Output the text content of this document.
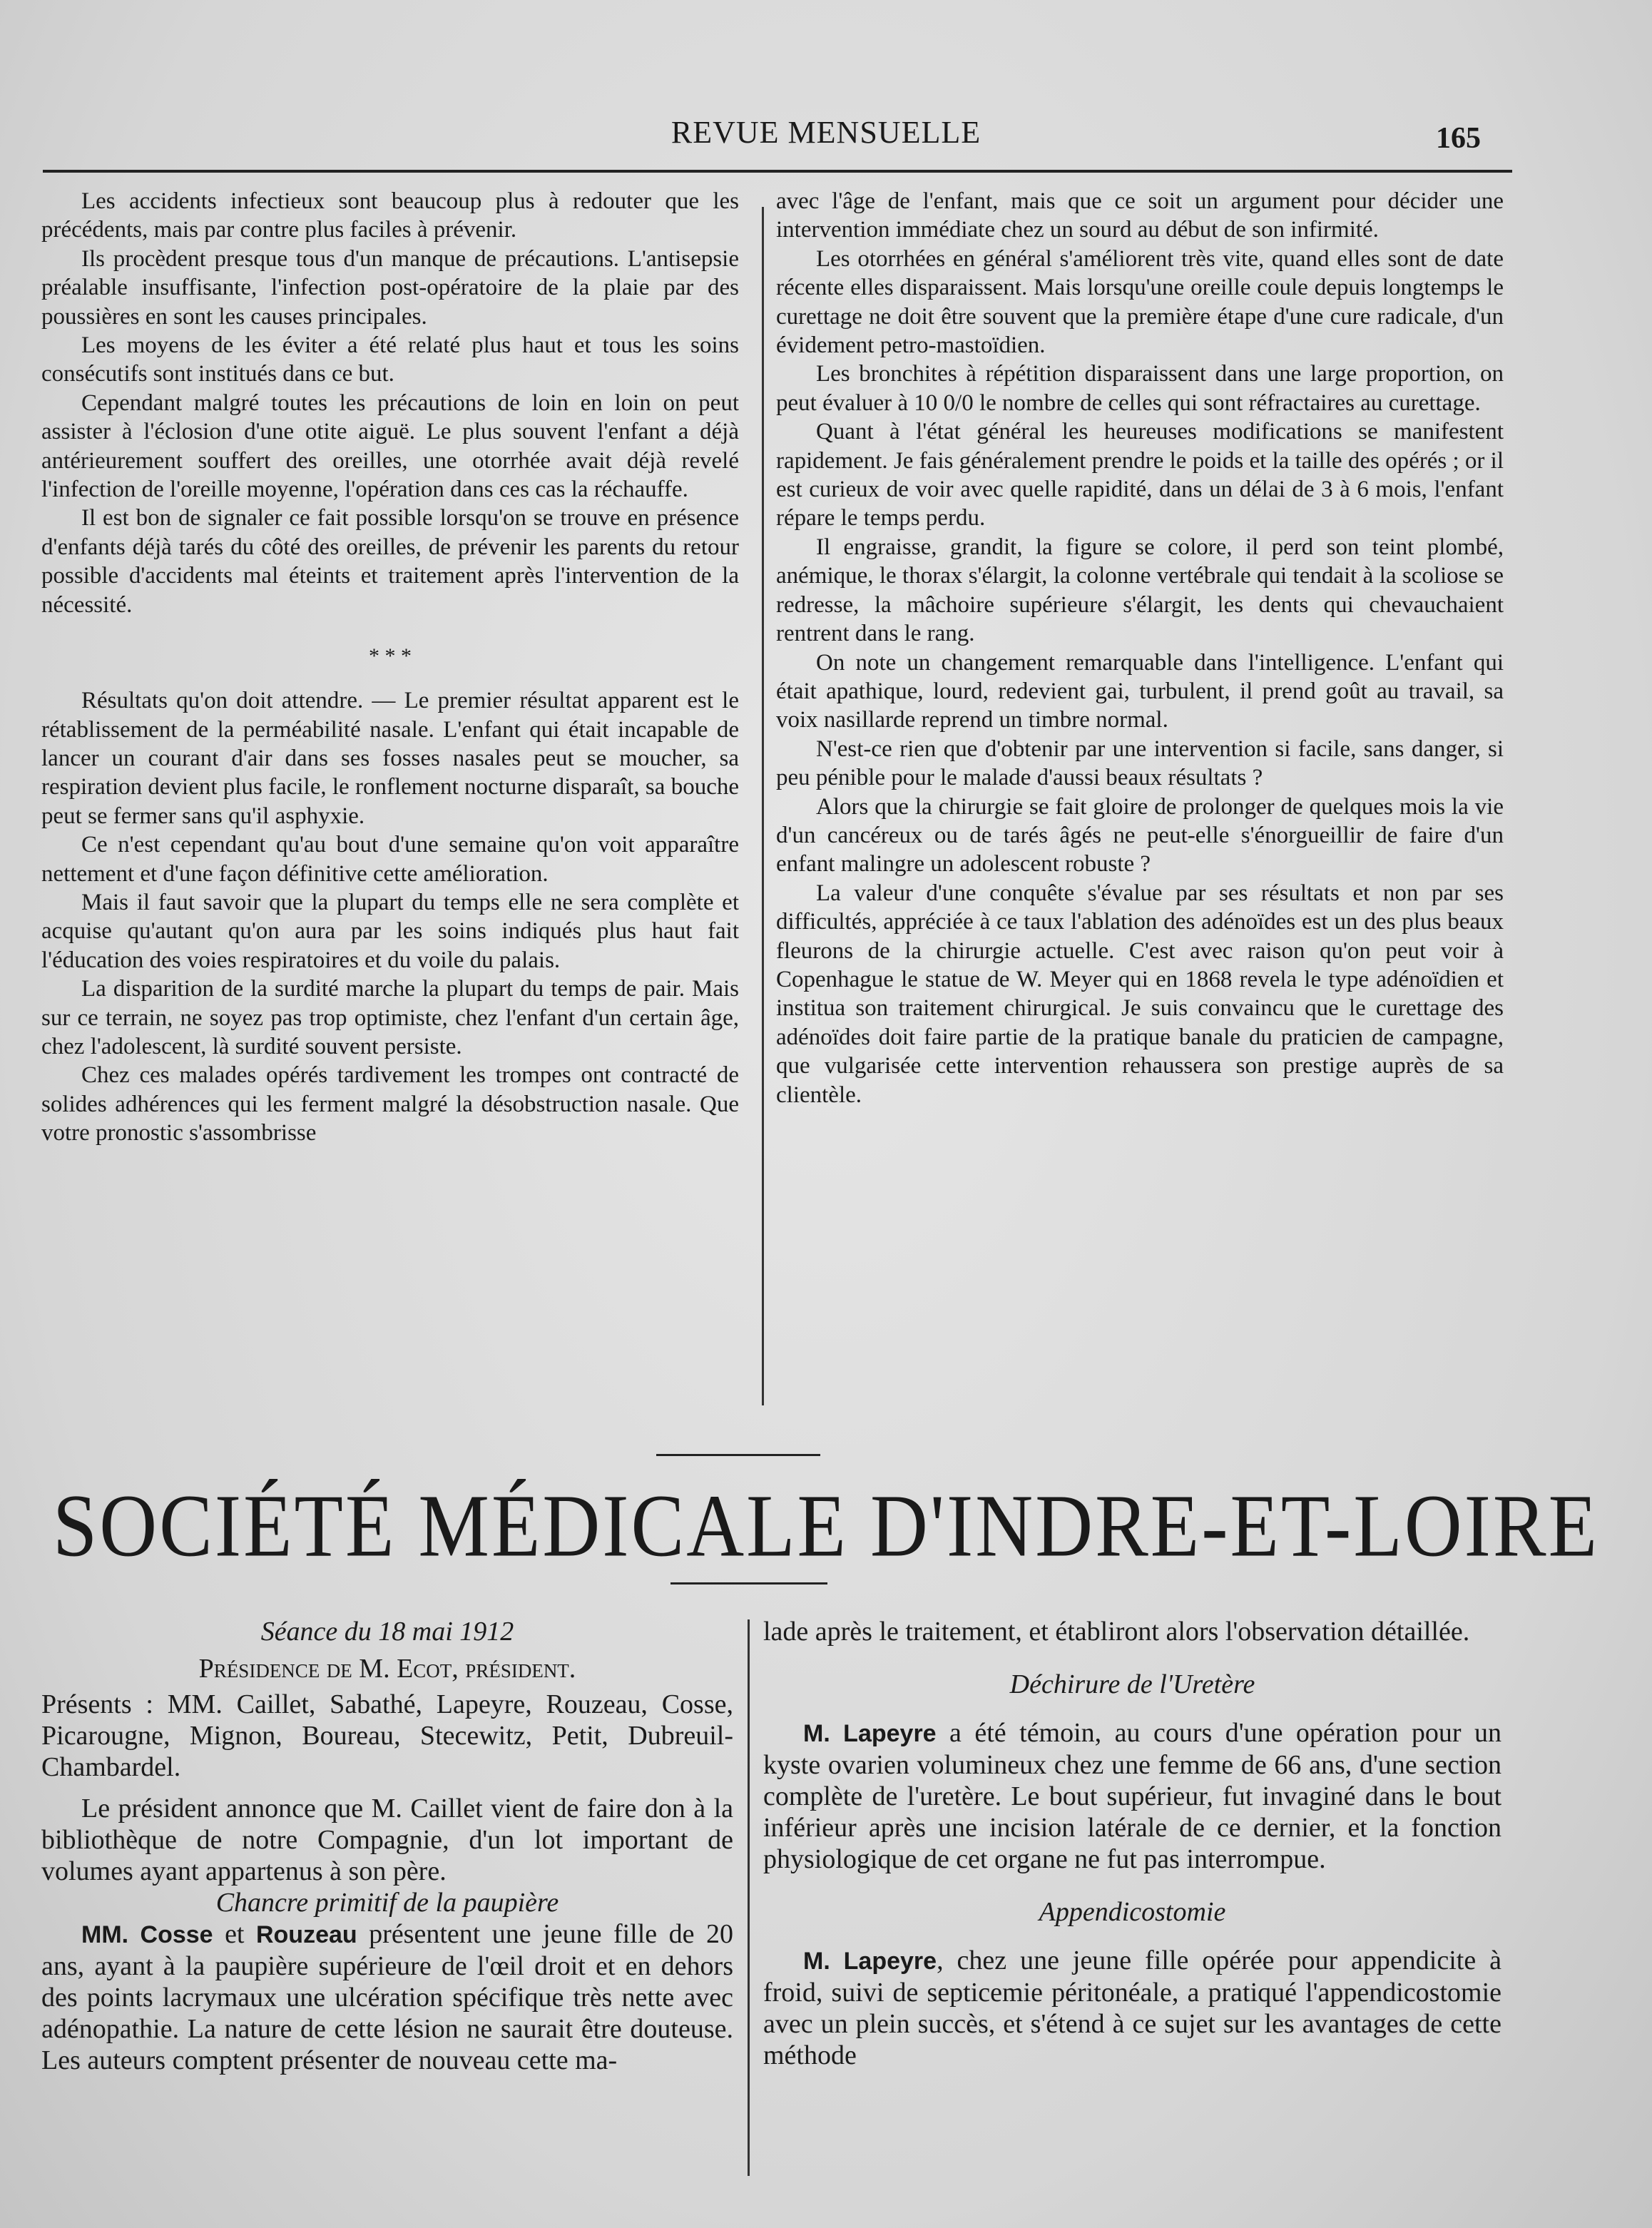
REVUE MENSUELLE	165

Les accidents infectieux sont beaucoup plus à redouter que les précédents, mais par contre plus faciles à prévenir.

Ils procèdent presque tous d'un manque de précautions. L'antisepsie préalable insuffisante, l'infection post-opératoire de la plaie par des poussières en sont les causes principales.

Les moyens de les éviter a été relaté plus haut et tous les soins consécutifs sont institués dans ce but.

Cependant malgré toutes les précautions de loin en loin on peut assister à l'éclosion d'une otite aiguë. Le plus souvent l'enfant a déjà antérieurement souffert des oreilles, une otorrhée avait déjà revelé l'infection de l'oreille moyenne, l'opération dans ces cas la réchauffe.

Il est bon de signaler ce fait possible lorsqu'on se trouve en présence d'enfants déjà tarés du côté des oreilles, de prévenir les parents du retour possible d'accidents mal éteints et traitement après l'intervention de la nécessité.

* * *

Résultats qu'on doit attendre. — Le premier résultat apparent est le rétablissement de la perméabilité nasale. L'enfant qui était incapable de lancer un courant d'air dans ses fosses nasales peut se moucher, sa respiration devient plus facile, le ronflement nocturne disparaît, sa bouche peut se fermer sans qu'il asphyxie.

Ce n'est cependant qu'au bout d'une semaine qu'on voit apparaître nettement et d'une façon définitive cette amélioration.

Mais il faut savoir que la plupart du temps elle ne sera complète et acquise qu'autant qu'on aura par les soins indiqués plus haut fait l'éducation des voies respiratoires et du voile du palais.

La disparition de la surdité marche la plupart du temps de pair. Mais sur ce terrain, ne soyez pas trop optimiste, chez l'enfant d'un certain âge, chez l'adolescent, là surdité souvent persiste.

Chez ces malades opérés tardivement les trompes ont contracté de solides adhérences qui les ferment malgré la désobstruction nasale. Que votre pronostic s'assombrisse

avec l'âge de l'enfant, mais que ce soit un argument pour décider une intervention immédiate chez un sourd au début de son infirmité.

Les otorrhées en général s'améliorent très vite, quand elles sont de date récente elles disparaissent. Mais lorsqu'une oreille coule depuis longtemps le curettage ne doit être souvent que la première étape d'une cure radicale, d'un évidement petro-mastoïdien.

Les bronchites à répétition disparaissent dans une large proportion, on peut évaluer à 10 0/0 le nombre de celles qui sont réfractaires au curettage.

Quant à l'état général les heureuses modifications se manifestent rapidement. Je fais généralement prendre le poids et la taille des opérés ; or il est curieux de voir avec quelle rapidité, dans un délai de 3 à 6 mois, l'enfant répare le temps perdu.

Il engraisse, grandit, la figure se colore, il perd son teint plombé, anémique, le thorax s'élargit, la colonne vertébrale qui tendait à la scoliose se redresse, la mâchoire supérieure s'élargit, les dents qui chevauchaient rentrent dans le rang.

On note un changement remarquable dans l'intelligence. L'enfant qui était apathique, lourd, redevient gai, turbulent, il prend goût au travail, sa voix nasillarde reprend un timbre normal.

N'est-ce rien que d'obtenir par une intervention si facile, sans danger, si peu pénible pour le malade d'aussi beaux résultats ?

Alors que la chirurgie se fait gloire de prolonger de quelques mois la vie d'un cancéreux ou de tarés âgés ne peut-elle s'énorgueillir de faire d'un enfant malingre un adolescent robuste ?

La valeur d'une conquête s'évalue par ses résultats et non par ses difficultés, appréciée à ce taux l'ablation des adénoïdes est un des plus beaux fleurons de la chirurgie actuelle. C'est avec raison qu'on peut voir à Copenhague le statue de W. Meyer qui en 1868 revela le type adénoïdien et institua son traitement chirurgical. Je suis convaincu que le curettage des adénoïdes doit faire partie de la pratique banale du praticien de campagne, que vulgarisée cette intervention rehaussera son prestige auprès de sa clientèle.

SOCIÉTÉ MÉDICALE D'INDRE-ET-LOIRE

Séance du 18 mai 1912

Présidence de M. Ecot, président.

Présents : MM. Caillet, Sabathé, Lapeyre, Rouzeau, Cosse, Picarougne, Mignon, Boureau, Stecewitz, Petit, Dubreuil-Chambardel.

Le président annonce que M. Caillet vient de faire don à la bibliothèque de notre Compagnie, d'un lot important de volumes ayant appartenus à son père.

Chancre primitif de la paupière

MM. Cosse et Rouzeau présentent une jeune fille de 20 ans, ayant à la paupière supérieure de l'œil droit et en dehors des points lacrymaux une ulcération spécifique très nette avec adénopathie. La nature de cette lésion ne saurait être douteuse. Les auteurs comptent présenter de nouveau cette ma-

lade après le traitement, et établiront alors l'observation détaillée.

Déchirure de l'Uretère

M. Lapeyre a été témoin, au cours d'une opération pour un kyste ovarien volumineux chez une femme de 66 ans, d'une section complète de l'uretère. Le bout supérieur, fut invaginé dans le bout inférieur après une incision latérale de ce dernier, et la fonction physiologique de cet organe ne fut pas interrompue.

Appendicostomie

M. Lapeyre, chez une jeune fille opérée pour appendicite à froid, suivi de septicemie péritonéale, a pratiqué l'appendicostomie avec un plein succès, et s'étend à ce sujet sur les avantages de cette méthode
